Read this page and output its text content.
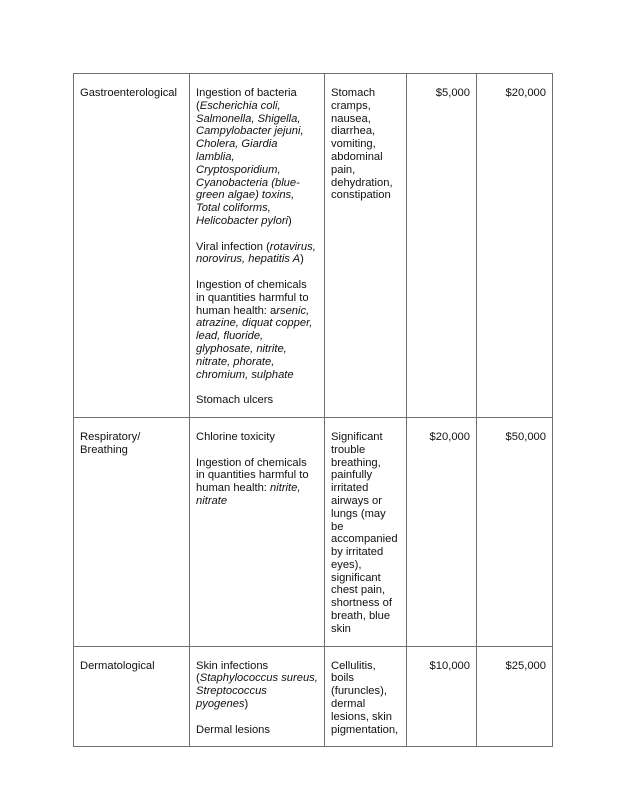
Gastroenterological	Ingestion of bacteria (Escherichia coli, Salmonella, Shigella, Campylobacter jejuni, Cholera, Giardia lamblia, Cryptosporidium, Cyanobacteria (blue-green algae) toxins, Total coliforms, Helicobacter pylori)

Viral infection (rotavirus, norovirus, hepatitis A)

Ingestion of chemicals in quantities harmful to human health: arsenic, atrazine, diquat copper, lead, fluoride, glyphosate, nitrite, nitrate, phorate, chromium, sulphate

Stomach ulcers	Stomach cramps, nausea, diarrhea, vomiting, abdominal pain, dehydration, constipation	$5,000	$20,000
Respiratory/ Breathing	Chlorine toxicity

Ingestion of chemicals in quantities harmful to human health: nitrite, nitrate	Significant trouble breathing, painfully irritated airways or lungs (may be accompanied by irritated eyes), significant chest pain, shortness of breath, blue skin	$20,000	$50,000
Dermatological	Skin infections (Staphylococcus sureus, Streptococcus pyogenes)

Dermal lesions	Cellulitis, boils (furuncles), dermal lesions, skin pigmentation,	$10,000	$25,000
